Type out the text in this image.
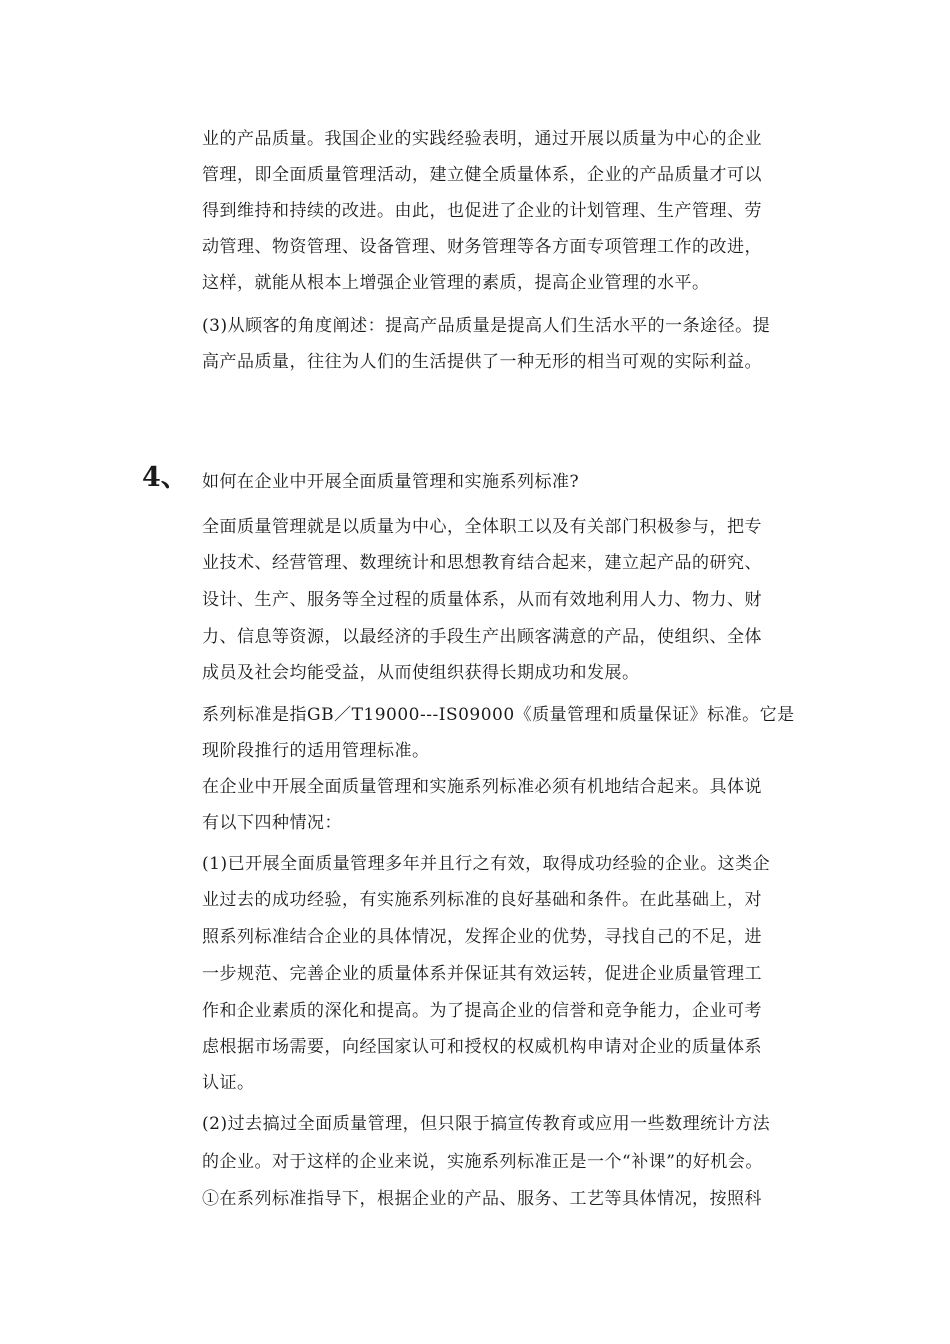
业的产品质量。我国企业的实践经验表明，通过开展以质量为中心的企业
管理，即全面质量管理活动，建立健全质量体系，企业的产品质量才可以
得到维持和持续的改进。由此，也促进了企业的计划管理、生产管理、劳
动管理、物资管理、设备管理、财务管理等各方面专项管理工作的改进，
这样，就能从根本上增强企业管理的素质，提高企业管理的水平。
(3)从顾客的角度阐述：提高产品质量是提高人们生活水平的一条途径。提
高产品质量，往往为人们的生活提供了一种无形的相当可观的实际利益。
4、 如何在企业中开展全面质量管理和实施系列标准?
全面质量管理就是以质量为中心，全体职工以及有关部门积极参与，把专
业技术、经营管理、数理统计和思想教育结合起来，建立起产品的研究、
设计、生产、服务等全过程的质量体系，从而有效地利用人力、物力、财
力、信息等资源，以最经济的手段生产出顾客满意的产品，使组织、全体
成员及社会均能受益，从而使组织获得长期成功和发展。
系列标准是指GB／T19000---IS09000《质量管理和质量保证》标准。它是
现阶段推行的适用管理标准。
在企业中开展全面质量管理和实施系列标准必须有机地结合起来。具体说
有以下四种情况：
(1)已开展全面质量管理多年并且行之有效，取得成功经验的企业。这类企
业过去的成功经验，有实施系列标准的良好基础和条件。在此基础上，对
照系列标准结合企业的具体情况，发挥企业的优势，寻找自己的不足，进
一步规范、完善企业的质量体系并保证其有效运转，促进企业质量管理工
作和企业素质的深化和提高。为了提高企业的信誉和竞争能力，企业可考
虑根据市场需要，向经国家认可和授权的权威机构申请对企业的质量体系
认证。
(2)过去搞过全面质量管理，但只限于搞宣传教育或应用一些数理统计方法
的企业。对于这样的企业来说，实施系列标准正是一个“补课”的好机会。
①在系列标准指导下，根据企业的产品、服务、工艺等具体情况，按照科
